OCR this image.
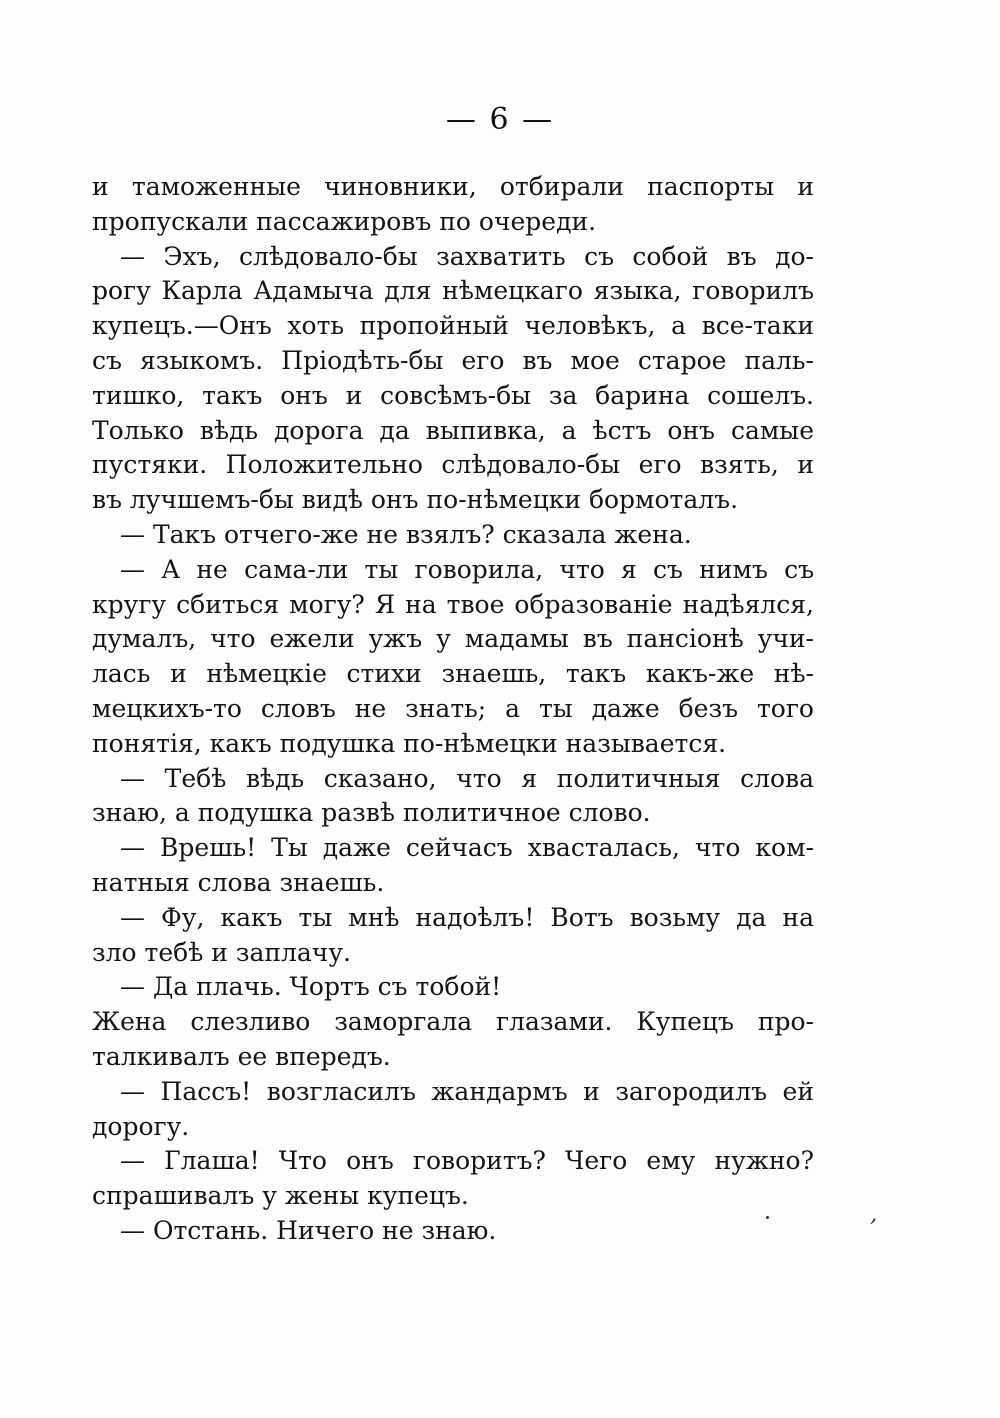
— 6 —
и таможенные чиновники, отбирали паспорты и
пропускали пассажировъ по очереди.
— Эхъ, слѣдовало-бы захватить съ собой въ до-
рогу Карла Адамыча для нѣмецкаго языка, говорилъ
купецъ.—Онъ хоть пропойный человѣкъ, а все-таки
съ языкомъ. Пріодѣть-бы его въ мое старое паль-
тишко, такъ онъ и совсѣмъ-бы за барина сошелъ.
Только вѣдь дорога да выпивка, а ѣстъ онъ самые
пустяки. Положительно слѣдовало-бы его взять, и
въ лучшемъ-бы видѣ онъ по-нѣмецки бормоталъ.
— Такъ отчего-же не взялъ? сказала жена.
— А не сама-ли ты говорила, что я съ нимъ съ
кругу сбиться могу? Я на твое образованіе надѣялся,
думалъ, что ежели ужъ у мадамы въ пансіонѣ учи-
лась и нѣмецкіе стихи знаешь, такъ какъ-же нѣ-
мецкихъ-то словъ не знать; а ты даже безъ того
понятія, какъ подушка по-нѣмецки называется.
— Тебѣ вѣдь сказано, что я политичныя слова
знаю, а подушка развѣ политичное слово.
— Врешь! Ты даже сейчасъ хвасталась, что ком-
натныя слова знаешь.
— Фу, какъ ты мнѣ надоѣлъ! Вотъ возьму да на
зло тебѣ и заплачу.
— Да плачь. Чортъ съ тобой!
Жена слезливо заморгала глазами. Купецъ про-
талкивалъ ее впередъ.
— Пассъ! возгласилъ жандармъ и загородилъ ей
дорогу.
— Глаша! Что онъ говоритъ? Чего ему нужно?
спрашивалъ у жены купецъ.
— Отстань. Ничего не знаю.
,
